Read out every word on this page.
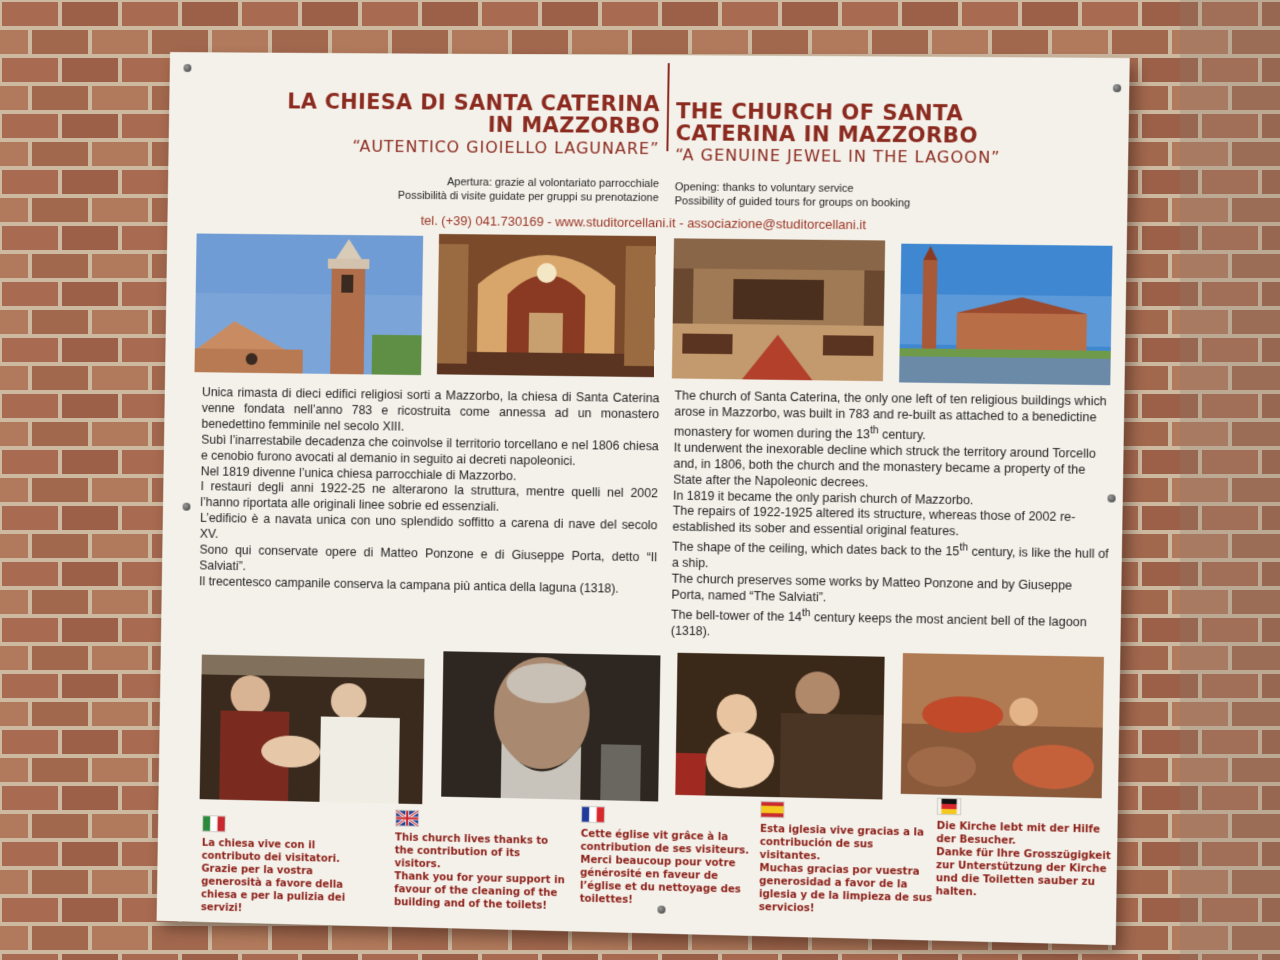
LA CHIESA DI SANTA CATERINA
IN MAZZORBO
“AUTENTICO GIOIELLO LAGUNARE”
THE CHURCH OF SANTA
CATERINA IN MAZZORBO
“A GENUINE JEWEL IN THE LAGOON”
Apertura: grazie al volontariato parrocchiale
Possibilità di visite guidate per gruppi su prenotazione
Opening: thanks to voluntary service
Possibility of guided tours for groups on booking
tel. (+39) 041.730169 - www.studitorcellani.it - associazione@studitorcellani.it

Unica rimasta di dieci edifici religiosi sorti a Mazzorbo, la chiesa di Santa Caterina venne fondata nell’anno 783 e ricostruita come annessa ad un monastero benedettino femminile nel secolo XIII.

Subì l’inarrestabile decadenza che coinvolse il territorio torcellano e nel 1806 chiesa e cenobio furono avocati al demanio in seguito ai decreti napoleonici.

Nel 1819 divenne l’unica chiesa parrocchiale di Mazzorbo.

I restauri degli anni 1922-25 ne alterarono la struttura, mentre quelli nel 2002 l’hanno riportata alle originali linee sobrie ed essenziali.

L’edificio è a navata unica con uno splendido soffitto a carena di nave del secolo XV.

Sono qui conservate opere di Matteo Ponzone e di Giuseppe Porta, detto “Il Salviati”.

Il trecentesco campanile conserva la campana più antica della laguna (1318).

The church of Santa Caterina, the only one left of ten religious buildings which arose in Mazzorbo, was built in 783 and re-built as attached to a benedictine monastery for women during the 13th century.

It underwent the inexorable decline which struck the territory around Torcello and, in 1806, both the church and the monastery became a property of the State after the Napoleonic decrees.

In 1819 it became the only parish church of Mazzorbo.

The repairs of 1922-1925 altered its structure, whereas those of 2002 re-established its sober and essential original features.

The shape of the ceiling, which dates back to the 15th century, is like the hull of a ship.

The church preserves some works by Matteo Ponzone and by Giuseppe Porta, named “The Salviati”.

The bell-tower of the 14th century keeps the most ancient bell of the lagoon (1318).

La chiesa vive con il contributo dei visitatori.
Grazie per la vostra generosità a favore della chiesa e per la pulizia dei servizi!
This church lives thanks to the contribution of its visitors.
Thank you for your support in favour of the cleaning of the building and of the toilets!
Cette église vit grâce à la contribution de ses visiteurs.
Merci beaucoup pour votre générosité en faveur de l’église et du nettoyage des toilettes!
Esta iglesia vive gracias a la contribución de sus visitantes.
Muchas gracias por vuestra generosidad a favor de la iglesia y de la limpieza de sus servicios!
Die Kirche lebt mit der Hilfe der Besucher.
Danke für Ihre Grosszügigkeit zur Unterstützung der Kirche und die Toiletten sauber zu halten.
